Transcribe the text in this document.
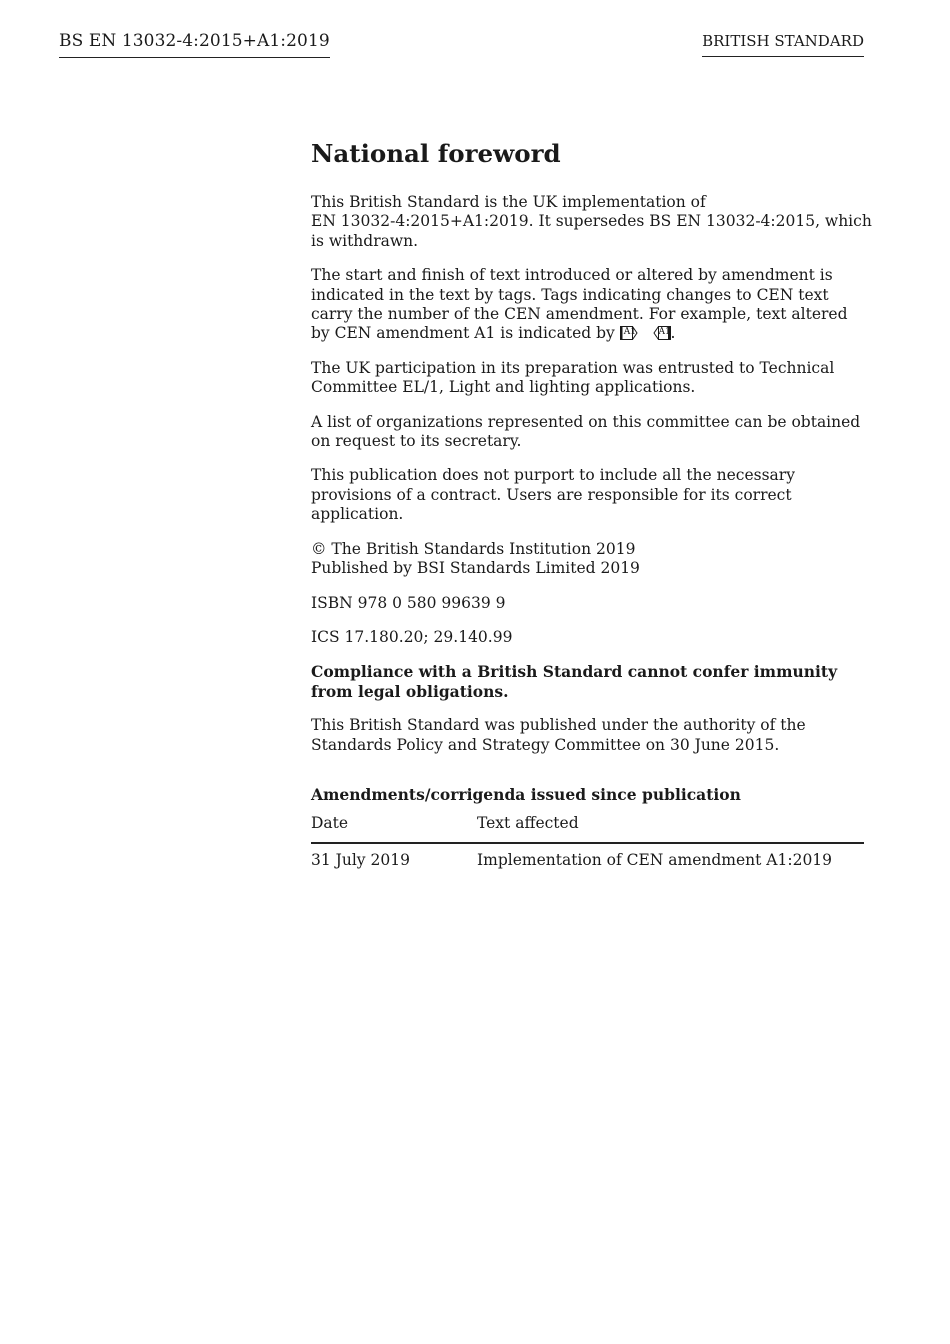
BS EN 13032-4:2015+A1:2019	BRITISH STANDARD
National foreword

This British Standard is the UK implementation of
EN 13032-4:2015+A1:2019. It supersedes BS EN 13032-4:2015, which
is withdrawn.

The start and finish of text introduced or altered by amendment is indicated in the text by tags. Tags indicating changes to CEN text carry the number of the CEN amendment. For example, text altered by CEN amendment A1 is indicated by A1
	A1 .

The UK participation in its preparation was entrusted to Technical Committee EL/1, Light and lighting applications.

A list of organizations represented on this committee can be obtained on request to its secretary.

This publication does not purport to include all the necessary provisions of a contract. Users are responsible for its correct application.

© The British Standards Institution 2019
Published by BSI Standards Limited 2019

ISBN 978 0 580 99639 9

ICS 17.180.20; 29.140.99

Compliance with a British Standard cannot confer immunity from legal obligations.

This British Standard was published under the authority of the Standards Policy and Strategy Committee on 30 June 2015.

Amendments/corrigenda issued since publication
Date	Text affected
31 July 2019	Implementation of CEN amendment A1:2019
